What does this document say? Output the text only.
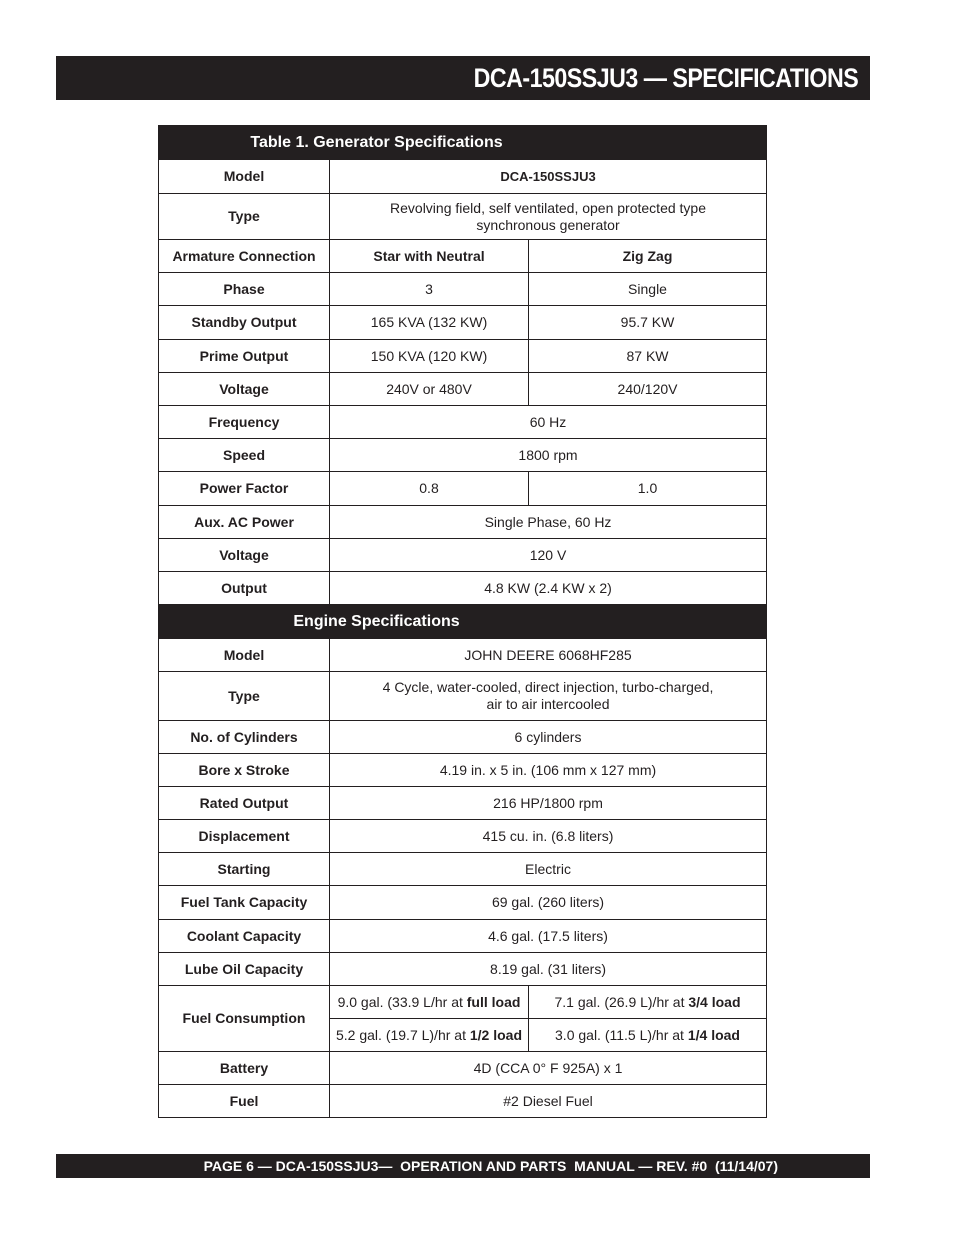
DCA-150SSJU3 — SPECIFICATIONS
Table 1. Generator Specifications		
Model	DCA-150SSJU3	
Type	Revolving field, self ventilated, open protected type synchronous generator	
Armature Connection	Star with Neutral	Zig Zag
Phase	3	Single
Standby Output	165 KVA (132 KW)	95.7 KW
Prime Output	150 KVA (120 KW)	87 KW
Voltage	240V or 480V	240/120V
Frequency	60 Hz	
Speed	1800 rpm	
Power Factor	0.8	1.0
Aux. AC Power	Single Phase, 60 Hz	
Voltage	120 V	
Output	4.8 KW (2.4 KW x 2)	
Engine Specifications		
Model	JOHN DEERE 6068HF285	
Type	4 Cycle, water-cooled, direct injection, turbo-charged,
air to air intercooled	
No. of Cylinders	6 cylinders	
Bore x Stroke	4.19 in. x 5 in. (106 mm x 127 mm)	
Rated Output	216 HP/1800 rpm	
Displacement	415 cu. in. (6.8 liters)	
Starting	Electric	
Fuel Tank Capacity	69 gal. (260 liters)	
Coolant Capacity	4.6 gal. (17.5 liters)	
Lube Oil Capacity	8.19 gal. (31 liters)	
Fuel Consumption	9.0 gal. (33.9 L/hr at full load	7.1 gal. (26.9 L)/hr at 3/4 load
	5.2 gal. (19.7 L)/hr at 1/2 load	3.0 gal. (11.5 L)/hr at 1/4 load
Battery	4D (CCA 0° F 925A) x 1	
Fuel	#2 Diesel Fuel	
PAGE 6 — DCA-150SSJU3—  OPERATION AND PARTS  MANUAL — REV. #0  (11/14/07)
